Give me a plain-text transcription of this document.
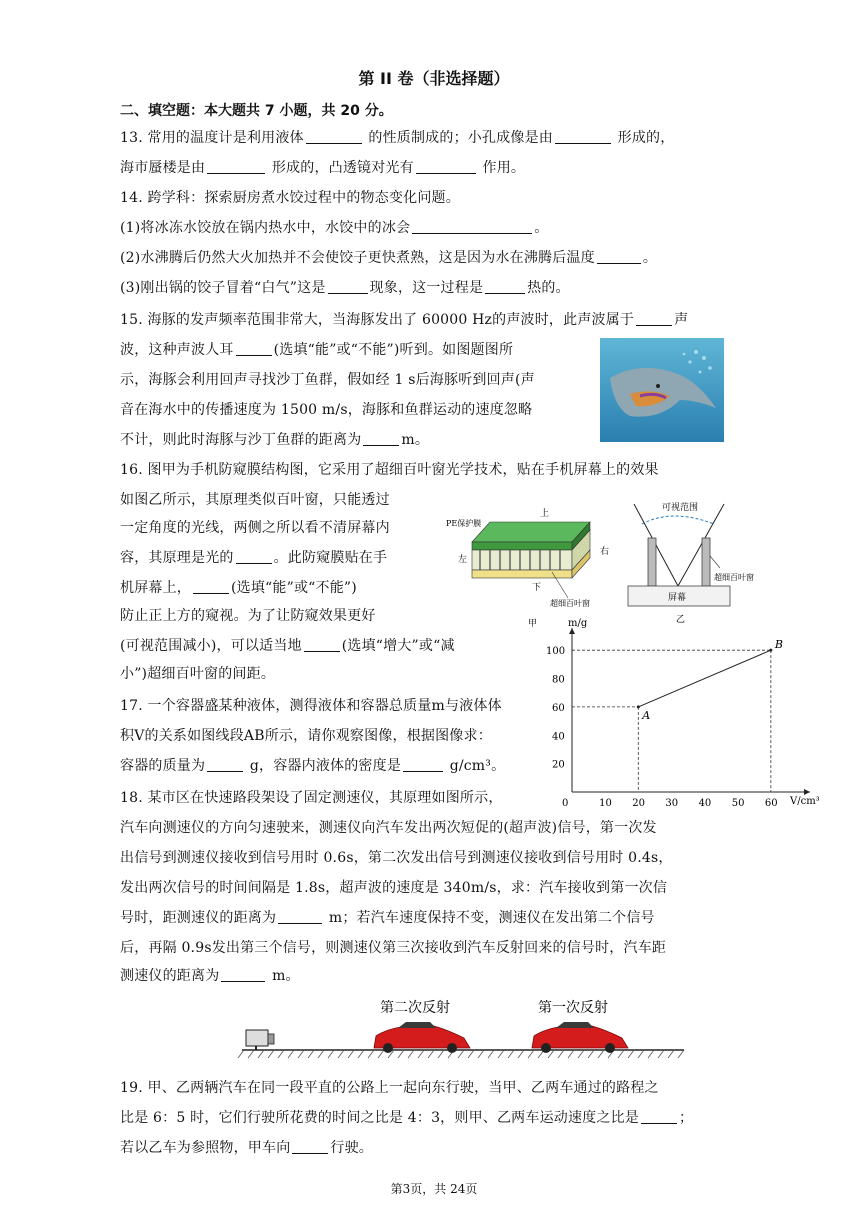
第 II 卷（非选择题）
二、填空题：本大题共 7 小题，共 20 分。
13. 常用的温度计是利用液体	的性质制成的；小孔成像是由	形成的，
海市蜃楼是由	形成的，凸透镜对光有	作用。
14. 跨学科：探索厨房煮水饺过程中的物态变化问题。
(1)将冰冻水饺放在锅内热水中，水饺中的冰会	。
(2)水沸腾后仍然大火加热并不会使饺子更快煮熟，这是因为水在沸腾后温度	。
(3)刚出锅的饺子冒着“白气”这是	现象，这一过程是	热的。
15. 海豚的发声频率范围非常大，当海豚发出了 60000 Hz的声波时，此声波属于	声
波，这种声波人耳	(选填“能”或“不能”)听到。如图题图所
示，海豚会利用回声寻找沙丁鱼群，假如经 1 s后海豚听到回声(声
音在海水中的传播速度为 1500 m/s，海豚和鱼群运动的速度忽略
不计，则此时海豚与沙丁鱼群的距离为	m。
16. 图甲为手机防窥膜结构图，它采用了超细百叶窗光学技术，贴在手机屏幕上的效果
如图乙所示，其原理类似百叶窗，只能透过
一定角度的光线，两侧之所以看不清屏幕内
容，其原理是光的	。此防窥膜贴在手
机屏幕上，	(选填“能”或“不能”)
防止正上方的窥视。为了让防窥效果更好
(可视范围减小)，可以适当地	(选填“增大”或“减
小”)超细百叶窗的间距。
上
PE保护膜
左
右
下
超细百叶窗
甲
可视范围
屏幕
超细百叶窗
乙
17. 一个容器盛某种液体，测得液体和容器总质量m与液体体
积V的关系如图线段AB所示，请你观察图像，根据图像求：
容器的质量为	g，容器内液体的密度是	g/cm³。
m/g
V/cm³
0	10 20 30 40 50 60
20
40
60
80
100
A
B
18. 某市区在快速路段架设了固定测速仪，其原理如图所示，
汽车向测速仪的方向匀速驶来，测速仪向汽车发出两次短促的(超声波)信号，第一次发
出信号到测速仪接收到信号用时 0.6s，第二次发出信号到测速仪接收到信号用时 0.4s，
发出两次信号的时间间隔是 1.8s，超声波的速度是 340m/s，求：汽车接收到第一次信
号时，距测速仪的距离为	m；若汽车速度保持不变，测速仪在发出第二个信号
后，再隔 0.9s发出第三个信号，则测速仪第三次接收到汽车反射回来的信号时，汽车距
测速仪的距离为	m。
第二次反射	第一次反射
19. 甲、乙两辆汽车在同一段平直的公路上一起向东行驶，当甲、乙两车通过的路程之
比是 6：5 时，它们行驶所花费的时间之比是 4：3，则甲、乙两车运动速度之比是	；
若以乙车为参照物，甲车向	行驶。
第3页，共 24页
